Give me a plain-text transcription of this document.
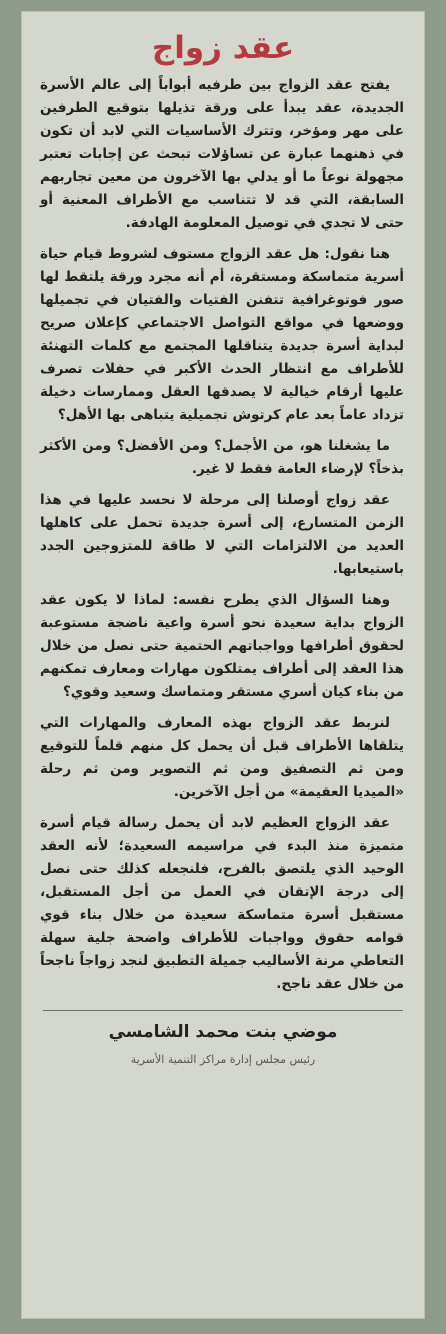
عقد زواج

يفتح عقد الزواج بين طرفيه أبواباً إلى عالم الأسرة الجديدة، عقد يبدأ على ورقة تذيلها بتوقيع الطرفين على مهر ومؤخر، وتترك الأساسيات التي لابد أن تكون في ذهنهما عبارة عن تساؤلات تبحث عن إجابات تعتبر مجهولة نوعاً ما أو يدلي بها الآخرون من معين تجاربهم السابقة، التي قد لا تتناسب مع الأطراف المعنية أو حتى لا تجدي في توصيل المعلومة الهادفة.

هنا نقول: هل عقد الزواج مستوف لشروط قيام حياة أسرية متماسكة ومستقرة، أم أنه مجرد ورقة يلتقط لها صور فوتوغرافية تتفنن الفتيات والفتيان في تجميلها ووضعها في مواقع التواصل الاجتماعي كإعلان صريح لبداية أسرة جديدة يتناقلها المجتمع مع كلمات التهنئة للأطراف مع انتظار الحدث الأكبر في حفلات تصرف عليها أرقام خيالية لا يصدقها العقل وممارسات دخيلة تزداد عاماً بعد عام كرتوش تجميلية يتباهى بها الأهل؟

ما يشغلنا هو، من الأجمل؟ ومن الأفضل؟ ومن الأكثر بذخاً؟ لإرضاء العامة فقط لا غير.

عقد زواج أوصلنا إلى مرحلة لا نحسد عليها في هذا الزمن المتسارع، إلى أسرة جديدة تحمل على كاهلها العديد من الالتزامات التي لا طاقة للمتزوجين الجدد باستيعابها.

وهنا السؤال الذي يطرح نفسه: لماذا لا يكون عقد الزواج بداية سعيدة نحو أسرة واعية ناضجة مستوعبة لحقوق أطرافها وواجباتهم الحتمية حتى نصل من خلال هذا العقد إلى أطراف يمتلكون مهارات ومعارف تمكنهم من بناء كيان أسري مستقر ومتماسك وسعيد وقوي؟

لنربط عقد الزواج بهذه المعارف والمهارات التي يتلقاها الأطراف قبل أن يحمل كل منهم قلماً للتوقيع ومن ثم التصفيق ومن ثم التصوير ومن ثم رحلة «الميديا العقيمة» من أجل الآخرين.

عقد الزواج العظيم لابد أن يحمل رسالة قيام أسرة متميزة منذ البدء في مراسيمه السعيدة؛ لأنه العقد الوحيد الذي يلتصق بالفرح، فلنجعله كذلك حتى نصل إلى درجة الإتقان في العمل من أجل المستقبل، مستقبل أسرة متماسكة سعيدة من خلال بناء قوي قوامه حقوق وواجبات للأطراف واضحة جلية سهلة التعاطي مرنة الأساليب جميلة التطبيق لنجد زواجاً ناجحاً من خلال عقد ناجح.

موضي بنت محمد الشامسي
رئيس مجلس إدارة مراكز التنمية الأسرية
